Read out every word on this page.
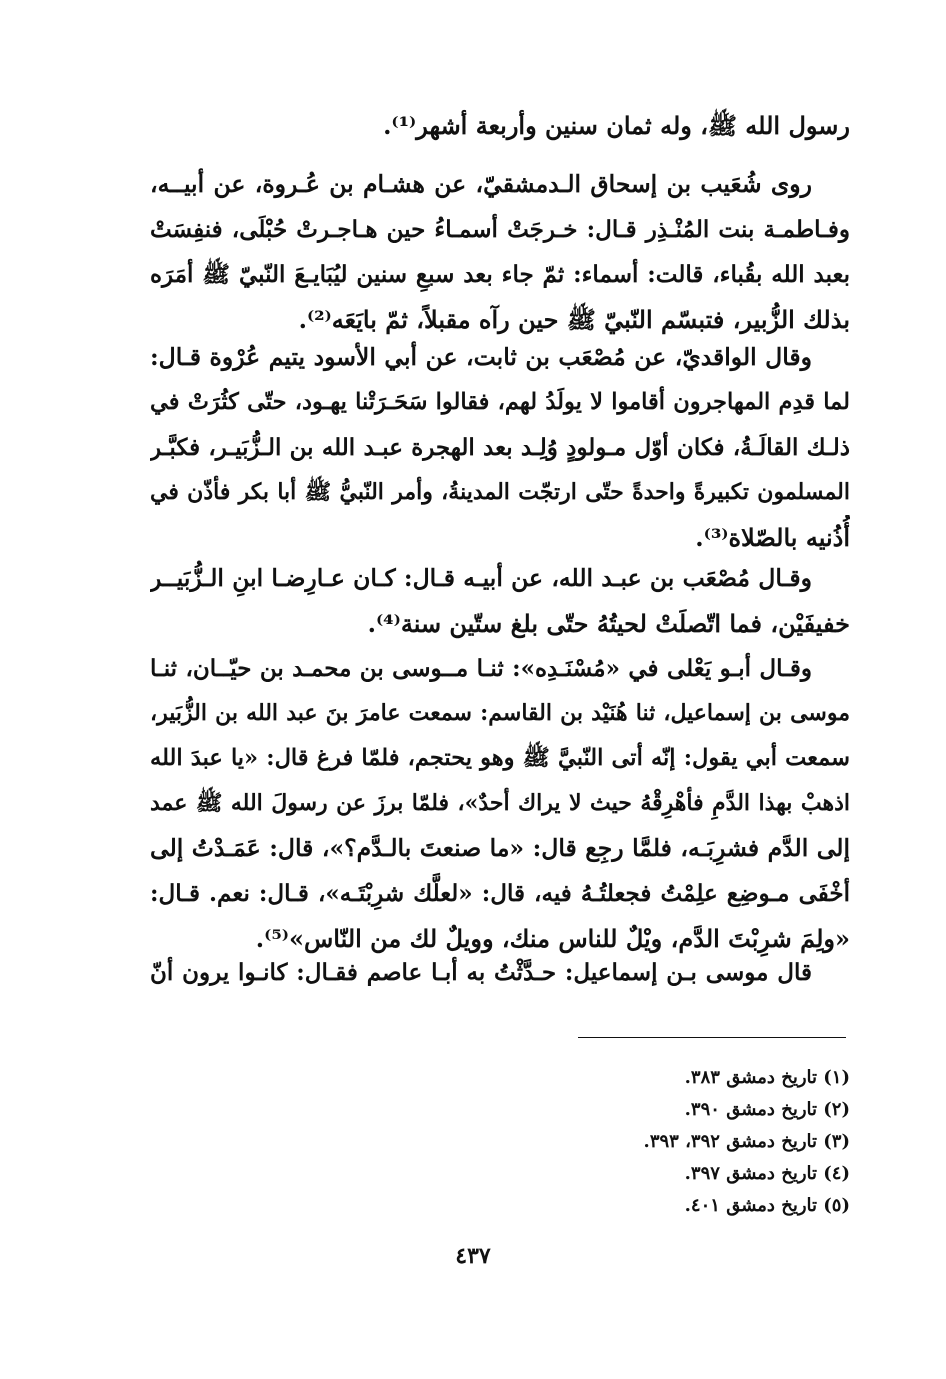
رسول الله ﷺ، وله ثمان سنين وأربعة أشهر⁽¹⁾.
روى شُعَيب بن إسحاق الـدمشقيّ، عن هشـام بن عُـروة، عن أبيــه،
وفـاطمـة بنت المُنْـذِر قـال: خـرجَتْ أسمـاءُ حين هـاجـرتْ حُبْلَى، فنفِسَتْ
بعبد الله بقُباء، قالت: أسماء: ثمّ جاء بعد سبعِ سنين ليُبَايـعَ النّبيّ ﷺ أمَرَه
بذلك الزُّبير، فتبسّم النّبيّ ﷺ حين رآه مقبلاً، ثمّ بايَعَه⁽²⁾.
وقال الواقديّ، عن مُصْعَب بن ثابت، عن أبي الأسود يتيم عُرْوة قـال:
لما قدِم المهاجرون أقاموا لا يولَدُ لهم، فقالوا سَحَـرَتْنا يهـود، حتّى كثُرَتْ في
ذلـك القالَـةُ، فكان أوّل مـولودٍ وُلِـد بعد الهجرة عبـد الله بن الـزُّبَيـر، فكبَّـر
المسلمون تكبيرةً واحدةً حتّى ارتجّت المدينةُ، وأمر النّبيُّ ﷺ أبا بكر فأذّن في
أُذُنيه بالصّلاة⁽³⁾.
وقـال مُصْعَب بن عبـد الله، عن أبيـه قـال: كـان عـارِضـا ابنِ الـزُّبَيــر
خفيفَيْن، فما اتّصلَتْ لحيتُهُ حتّى بلغ ستّين سنة⁽⁴⁾.
وقـال أبـو يَعْلى في «مُسْنَـدِه»: ثنـا مــوسى بن محمـد بن حيّــان، ثنـا
موسى بن إسماعيل، ثنا هُنَيْد بن القاسم: سمعت عامرَ بنَ عبد الله بن الزُّبَير،
سمعت أبي يقول: إنّه أتى النّبيَّ ﷺ وهو يحتجم، فلمّا فرغ قال: «يا عبدَ الله
اذهبْ بهذا الدَّمِ فأهْرِقْهُ حيث لا يراك أحدٌ»، فلمّا برزَ عن رسولَ الله ﷺ عمد
إلى الدَّم فشرِبَـه، فلمَّا رجِع قال: «ما صنعتَ بالـدَّم؟»، قال: عَمَـدْتُ إلى
أخْفَى مـوضِع علِمْتُ فجعلتُـهُ فيه، قال: «لعلَّك شرِبْتَـه»، قـال: نعم. قـال:
«ولِمَ شرِبْتَ الدَّم، ويْلٌ للناس منك، وويلٌ لك من النّاس»⁽⁵⁾.
قال موسى بـن إسماعيل: حـدَّثْتُ به أبـا عاصم فقـال: كانـوا يرون أنّ
(١) تاريخ دمشق ٣٨٣.
(٢) تاريخ دمشق ٣٩٠.
(٣) تاريخ دمشق ٣٩٢، ٣٩٣.
(٤) تاريخ دمشق ٣٩٧.
(٥) تاريخ دمشق ٤٠١.
٤٣٧
